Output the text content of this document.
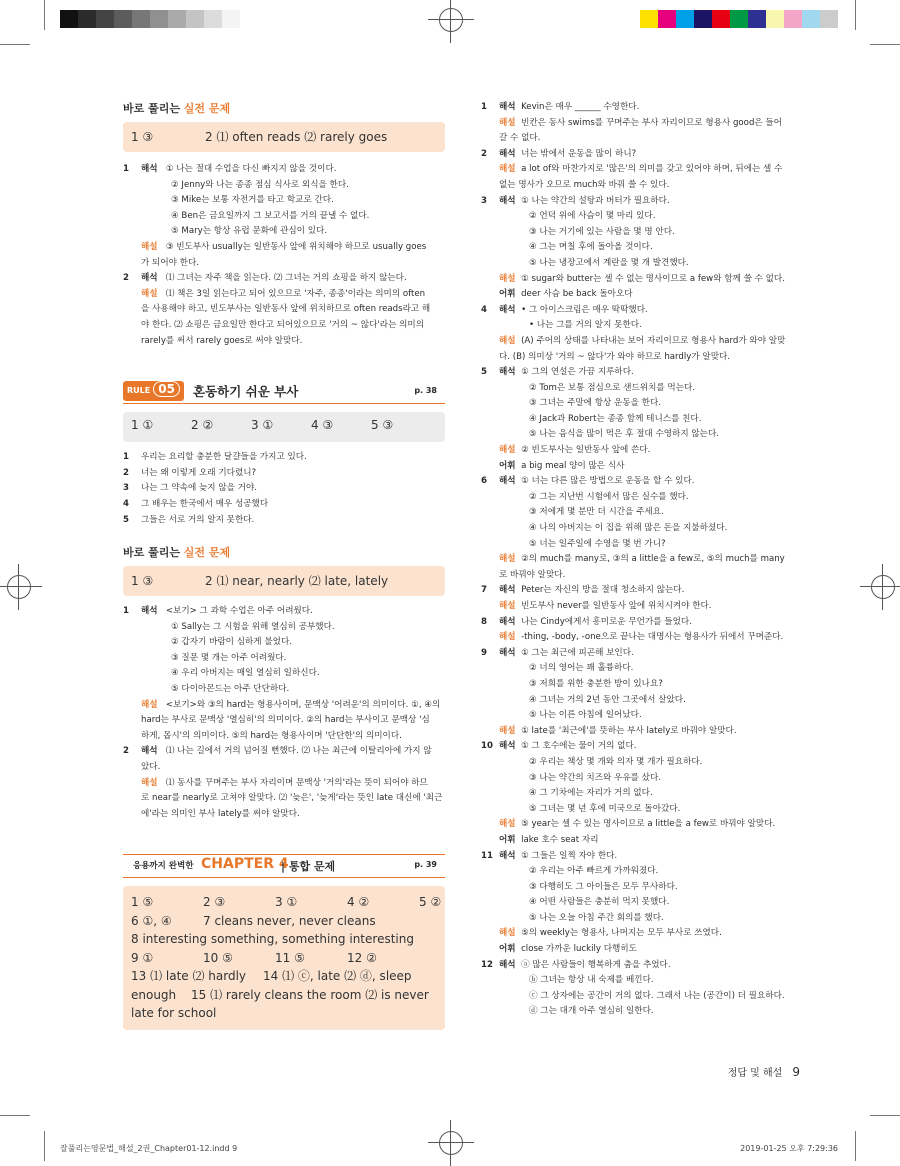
바로 풀리는 실전 문제
1 ③	2 ⑴ often reads ⑵ rarely goes
1 해석 ① 나는 절대 수업을 다신 빠지지 않을 것이다.
② Jenny와 나는 종종 점심 식사로 외식을 한다.
③ Mike는 보통 자전거를 타고 학교로 간다.
④ Ben은 금요일까지 그 보고서를 거의 끝낼 수 없다.
⑤ Mary는 항상 유럽 문화에 관심이 있다.
해설 ③ 빈도부사 usually는 일반동사 앞에 위치해야 하므로 usually goes
가 되어야 한다.
2 해석 ⑴ 그녀는 자주 책을 읽는다. ⑵ 그녀는 거의 쇼핑을 하지 않는다.
해설 ⑴ 책은 3일 읽는다고 되어 있으므로 '자주, 종종'이라는 의미의 often
을 사용해야 하고, 빈도부사는 일반동사 앞에 위치하므로 often reads라고 해
야 한다. ⑵ 쇼핑은 금요일만 한다고 되어있으므로 '거의 ~ 않다'라는 의미의
rarely를 써서 rarely goes로 써야 알맞다.
RULE 05	혼동하기 쉬운 부사	p. 38
1 ①	2 ②	3 ①	4 ③	5 ③
1 우리는 요리할 충분한 달걀들을 가지고 있다.
2 너는 왜 이렇게 오래 기다렸니?
3 나는 그 약속에 늦지 않을 거야.
4 그 배우는 한국에서 매우 성공했다
5 그들은 서로 거의 알지 못한다.
바로 풀리는 실전 문제
1 ③	2 ⑴ near, nearly ⑵ late, lately
1 해석 <보기> 그 과학 수업은 아주 어려웠다.
① Sally는 그 시험을 위해 열심히 공부했다.
② 갑자기 바람이 심하게 불었다.
③ 질문 몇 개는 아주 어려웠다.
④ 우리 아버지는 매일 열심히 일하신다.
⑤ 다이아몬드는 아주 단단하다.
해설 <보기>와 ③의 hard는 형용사이며, 문맥상 '어려운'의 의미이다. ①, ④의
hard는 부사로 문맥상 '열심히'의 의미이다. ②의 hard는 부사이고 문맥상 '심
하게, 몹시'의 의미이다. ⑤의 hard는 형용사이며 '단단한'의 의미이다.
2 해석 ⑴ 나는 길에서 거의 넘어질 뻔했다. ⑵ 나는 최근에 이탈리아에 가지 않
았다.
해설 ⑴ 동사를 꾸며주는 부사 자리이며 문맥상 '거의'라는 뜻이 되어야 하므
로 near를 nearly로 고쳐야 알맞다. ⑵ '늦은', '늦게'라는 뜻인 late 대신에 '최근
에'라는 의미인 부사 lately를 써야 알맞다.
응용까지 완벽한 CHAPTER 4
| 통합 문제	p. 39
1 ⑤	2 ③	3 ①	4 ②	5 ②
6 ①, ④	7 cleans never, never cleans
8 interesting something, something interesting
9 ①	10 ⑤	11 ⑤	12 ②
13 ⑴ late ⑵ hardly 14 ⑴ ⓒ, late ⑵ ⓓ, sleep
enough 15 ⑴ rarely cleans the room ⑵ is never
late for school
1 해석 Kevin은 매우 ______ 수영한다.
해설 빈칸은 동사 swims를 꾸며주는 부사 자리이므로 형용사 good은 들어
갈 수 없다.
2 해석 너는 밖에서 운동을 많이 하니?
해설 a lot of와 마찬가지로 '많은'의 의미를 갖고 있어야 하며, 뒤에는 셀 수
없는 명사가 오므로 much와 바꿔 쓸 수 있다.
3 해석 ① 나는 약간의 설탕과 버터가 필요하다.
② 언덕 위에 사슴이 몇 마리 있다.
③ 나는 거기에 있는 사람을 몇 명 안다.
④ 그는 며칠 후에 돌아올 것이다.
⑤ 나는 냉장고에서 계란을 몇 개 발견했다.
해설 ① sugar와 butter는 셀 수 없는 명사이므로 a few와 함께 쓸 수 없다.
어휘 deer 사슴 be back 돌아오다
4 해석 • 그 아이스크림은 매우 딱딱했다.
• 나는 그를 거의 알지 못한다.
해설 (A) 주어의 상태를 나타내는 보어 자리이므로 형용사 hard가 와야 알맞
다. (B) 의미상 '거의 ~ 않다'가 와야 하므로 hardly가 알맞다.
5 해석 ① 그의 연설은 가끔 지루하다.
② Tom은 보통 점심으로 샌드위치를 먹는다.
③ 그녀는 주말에 항상 운동을 한다.
④ Jack과 Robert는 종종 함께 테니스를 친다.
⑤ 나는 음식을 많이 먹은 후 절대 수영하지 않는다.
해설 ② 빈도부사는 일반동사 앞에 쓴다.
어휘 a big meal 양이 많은 식사
6 해석 ① 너는 다른 많은 방법으로 운동을 할 수 있다.
② 그는 지난번 시험에서 많은 실수를 했다.
③ 저에게 몇 분만 더 시간을 주세요.
④ 나의 아버지는 이 집을 위해 많은 돈을 지불하셨다.
⑤ 너는 일주일에 수영을 몇 번 가니?
해설 ②의 much를 many로, ③의 a little을 a few로, ⑤의 much를 many
로 바꿔야 알맞다.
7 해석 Peter는 자신의 방을 절대 청소하지 않는다.
해설 빈도부사 never를 일반동사 앞에 위치시켜야 한다.
8 해석 나는 Cindy에게서 흥미로운 무언가를 들었다.
해설 -thing, -body, -one으로 끝나는 대명사는 형용사가 뒤에서 꾸며준다.
9 해석 ① 그는 최근에 피곤해 보인다.
② 너의 영어는 꽤 훌륭하다.
③ 저희를 위한 충분한 방이 있나요?
④ 그녀는 거의 2년 동안 그곳에서 살았다.
⑤ 나는 이른 아침에 일어났다.
해설 ① late를 '최근에'를 뜻하는 부사 lately로 바꿔야 알맞다.
10 해석 ① 그 호수에는 물이 거의 없다.
② 우리는 책상 몇 개와 의자 몇 개가 필요하다.
③ 나는 약간의 치즈와 우유를 샀다.
④ 그 기차에는 자리가 거의 없다.
⑤ 그녀는 몇 년 후에 미국으로 돌아갔다.
해설 ⑤ year는 셀 수 있는 명사이므로 a little을 a few로 바꿔야 알맞다.
어휘 lake 호수 seat 자리
11 해석 ① 그들은 일찍 자야 한다.
② 우리는 아주 빠르게 가까워졌다.
③ 다행히도 그 아이들은 모두 무사하다.
④ 어떤 사람들은 충분히 먹지 못했다.
⑤ 나는 오늘 아침 주간 회의를 했다.
해설 ⑤의 weekly는 형용사, 나머지는 모두 부사로 쓰였다.
어휘 close 가까운 luckily 다행히도
12 해석 ⓐ 많은 사람들이 행복하게 춤을 추었다.
ⓑ 그녀는 항상 내 숙제를 베낀다.
ⓒ 그 상자에는 공간이 거의 없다. 그래서 나는 (공간이) 더 필요하다.
ⓓ 그는 대개 아주 열심히 일한다.
정답 및 해설 9
잘풀리는영문법_해설_2권_Chapter01-12.indd 9	2019-01-25 오후 7:29:36
